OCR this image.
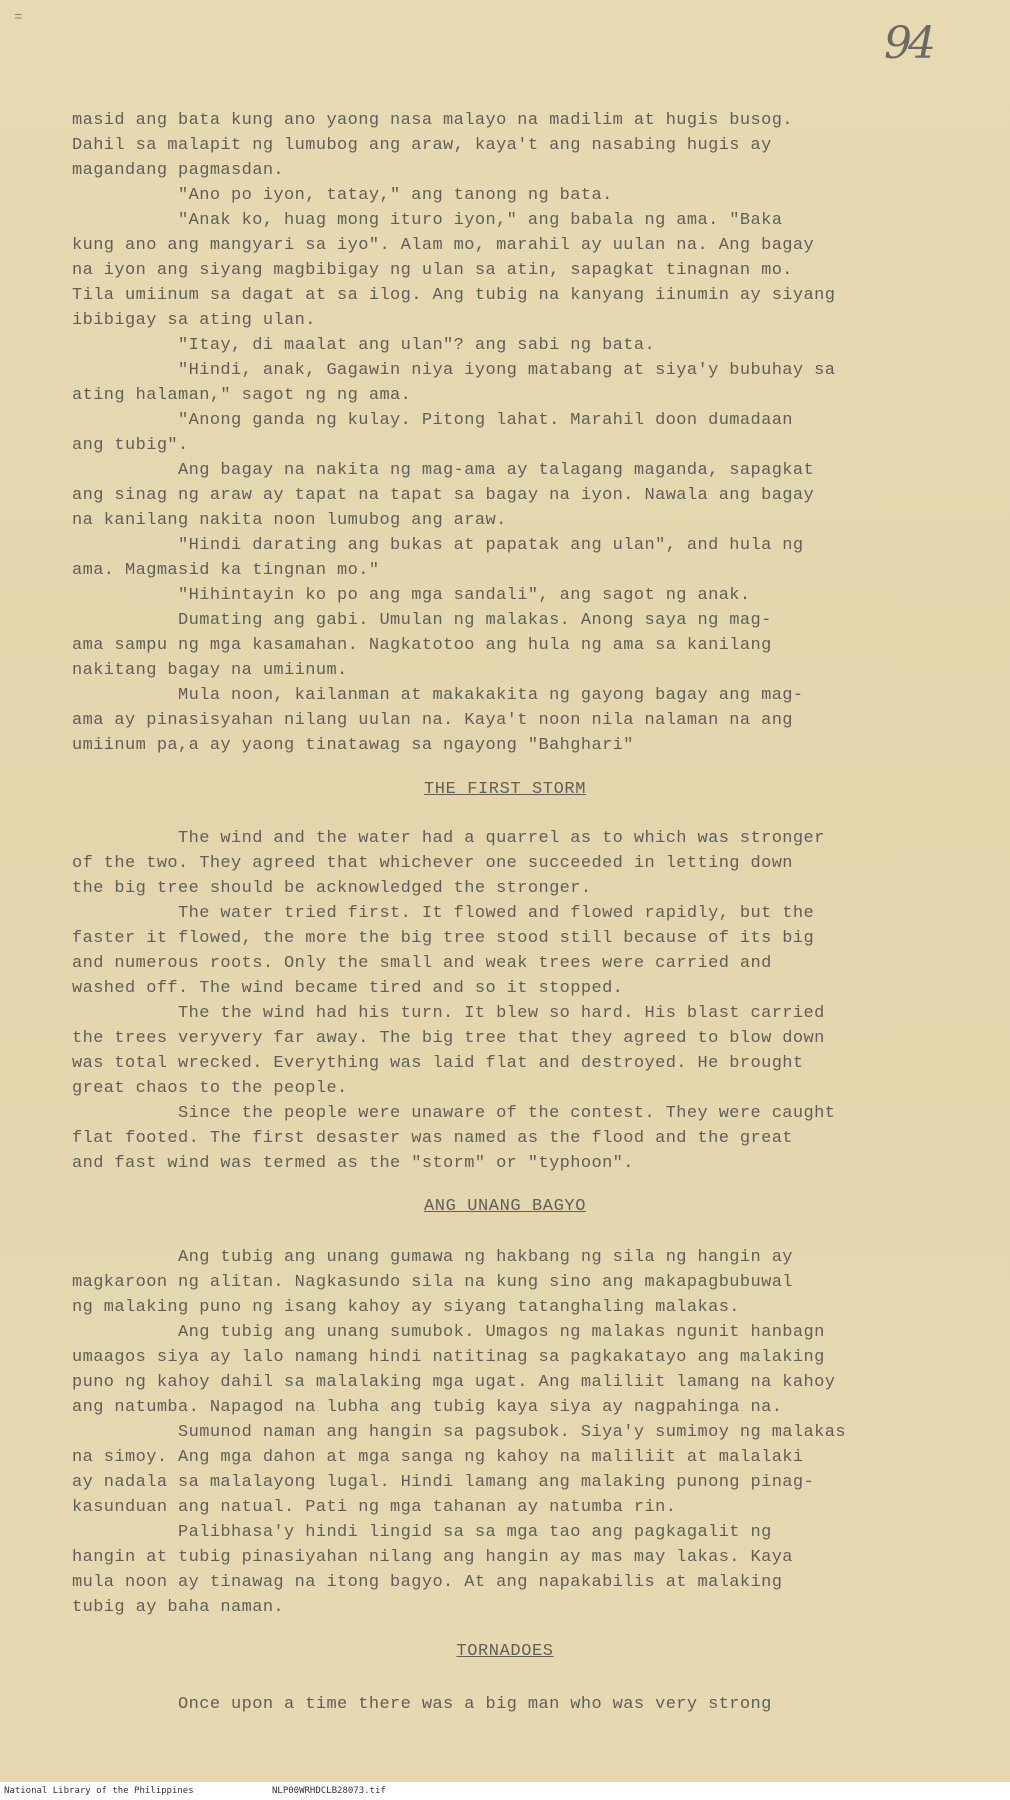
=	94

masid ang bata kung ano yaong nasa malayo na madilim at hugis busog.

Dahil sa malapit ng lumubog ang araw, kaya't ang nasabing hugis ay

magandang pagmasdan.

"Ano po iyon, tatay," ang tanong ng bata.

"Anak ko, huag mong ituro iyon," ang babala ng ama. "Baka

kung ano ang mangyari sa iyo". Alam mo, marahil ay uulan na. Ang bagay

na iyon ang siyang magbibigay ng ulan sa atin, sapagkat tinagnan mo.

Tila umiinum sa dagat at sa ilog. Ang tubig na kanyang iinumin ay siyang

ibibigay sa ating ulan.

"Itay, di maalat ang ulan"? ang sabi ng bata.

"Hindi, anak, Gagawin niya iyong matabang at siya'y bubuhay sa

ating halaman," sagot ng ng ama.

"Anong ganda ng kulay. Pitong lahat. Marahil doon dumadaan

ang tubig".

Ang bagay na nakita ng mag-ama ay talagang maganda, sapagkat

ang sinag ng araw ay tapat na tapat sa bagay na iyon. Nawala ang bagay

na kanilang nakita noon lumubog ang araw.

"Hindi darating ang bukas at papatak ang ulan", and hula ng

ama. Magmasid ka tingnan mo."

"Hihintayin ko po ang mga sandali", ang sagot ng anak.

Dumating ang gabi. Umulan ng malakas. Anong saya ng mag-

ama sampu ng mga kasamahan. Nagkatotoo ang hula ng ama sa kanilang

nakitang bagay na umiinum.

Mula noon, kailanman at makakakita ng gayong bagay ang mag-

ama ay pinasisyahan nilang uulan na. Kaya't noon nila nalaman na ang

umiinum pa,a ay yaong tinatawag sa ngayong "Bahghari"

THE FIRST STORM

The wind and the water had a quarrel as to which was stronger

of the two. They agreed that whichever one succeeded in letting down

the big tree should be acknowledged the stronger.

The water tried first. It flowed and flowed rapidly, but the

faster it flowed, the more the big tree stood still because of its big

and numerous roots. Only the small and weak trees were carried and

washed off. The wind became tired and so it stopped.

The the wind had his turn. It blew so hard. His blast carried

the trees veryvery far away. The big tree that they agreed to blow down

was total wrecked. Everything was laid flat and destroyed. He brought

great chaos to the people.

Since the people were unaware of the contest. They were caught

flat footed. The first desaster was named as the flood and the great

and fast wind was termed as the "storm" or "typhoon".

ANG UNANG BAGYO

Ang tubig ang unang gumawa ng hakbang ng sila ng hangin ay

magkaroon ng alitan. Nagkasundo sila na kung sino ang makapagbubuwal

ng malaking puno ng isang kahoy ay siyang tatanghaling malakas.

Ang tubig ang unang sumubok. Umagos ng malakas ngunit hanbagn

umaagos siya ay lalo namang hindi natitinag sa pagkakatayo ang malaking

puno ng kahoy dahil sa malalaking mga ugat. Ang maliliit lamang na kahoy

ang natumba. Napagod na lubha ang tubig kaya siya ay nagpahinga na.

Sumunod naman ang hangin sa pagsubok. Siya'y sumimoy ng malakas

na simoy. Ang mga dahon at mga sanga ng kahoy na maliliit at malalaki

ay nadala sa malalayong lugal. Hindi lamang ang malaking punong pinag-

kasunduan ang natual. Pati ng mga tahanan ay natumba rin.

Palibhasa'y hindi lingid sa sa mga tao ang pagkagalit ng

hangin at tubig pinasiyahan nilang ang hangin ay mas may lakas. Kaya

mula noon ay tinawag na itong bagyo. At ang napakabilis at malaking

tubig ay baha naman.

TORNADOES

Once upon a time there was a big man who was very strong

National Library of the Philippines	NLP00WRHDCLB28073.tif
